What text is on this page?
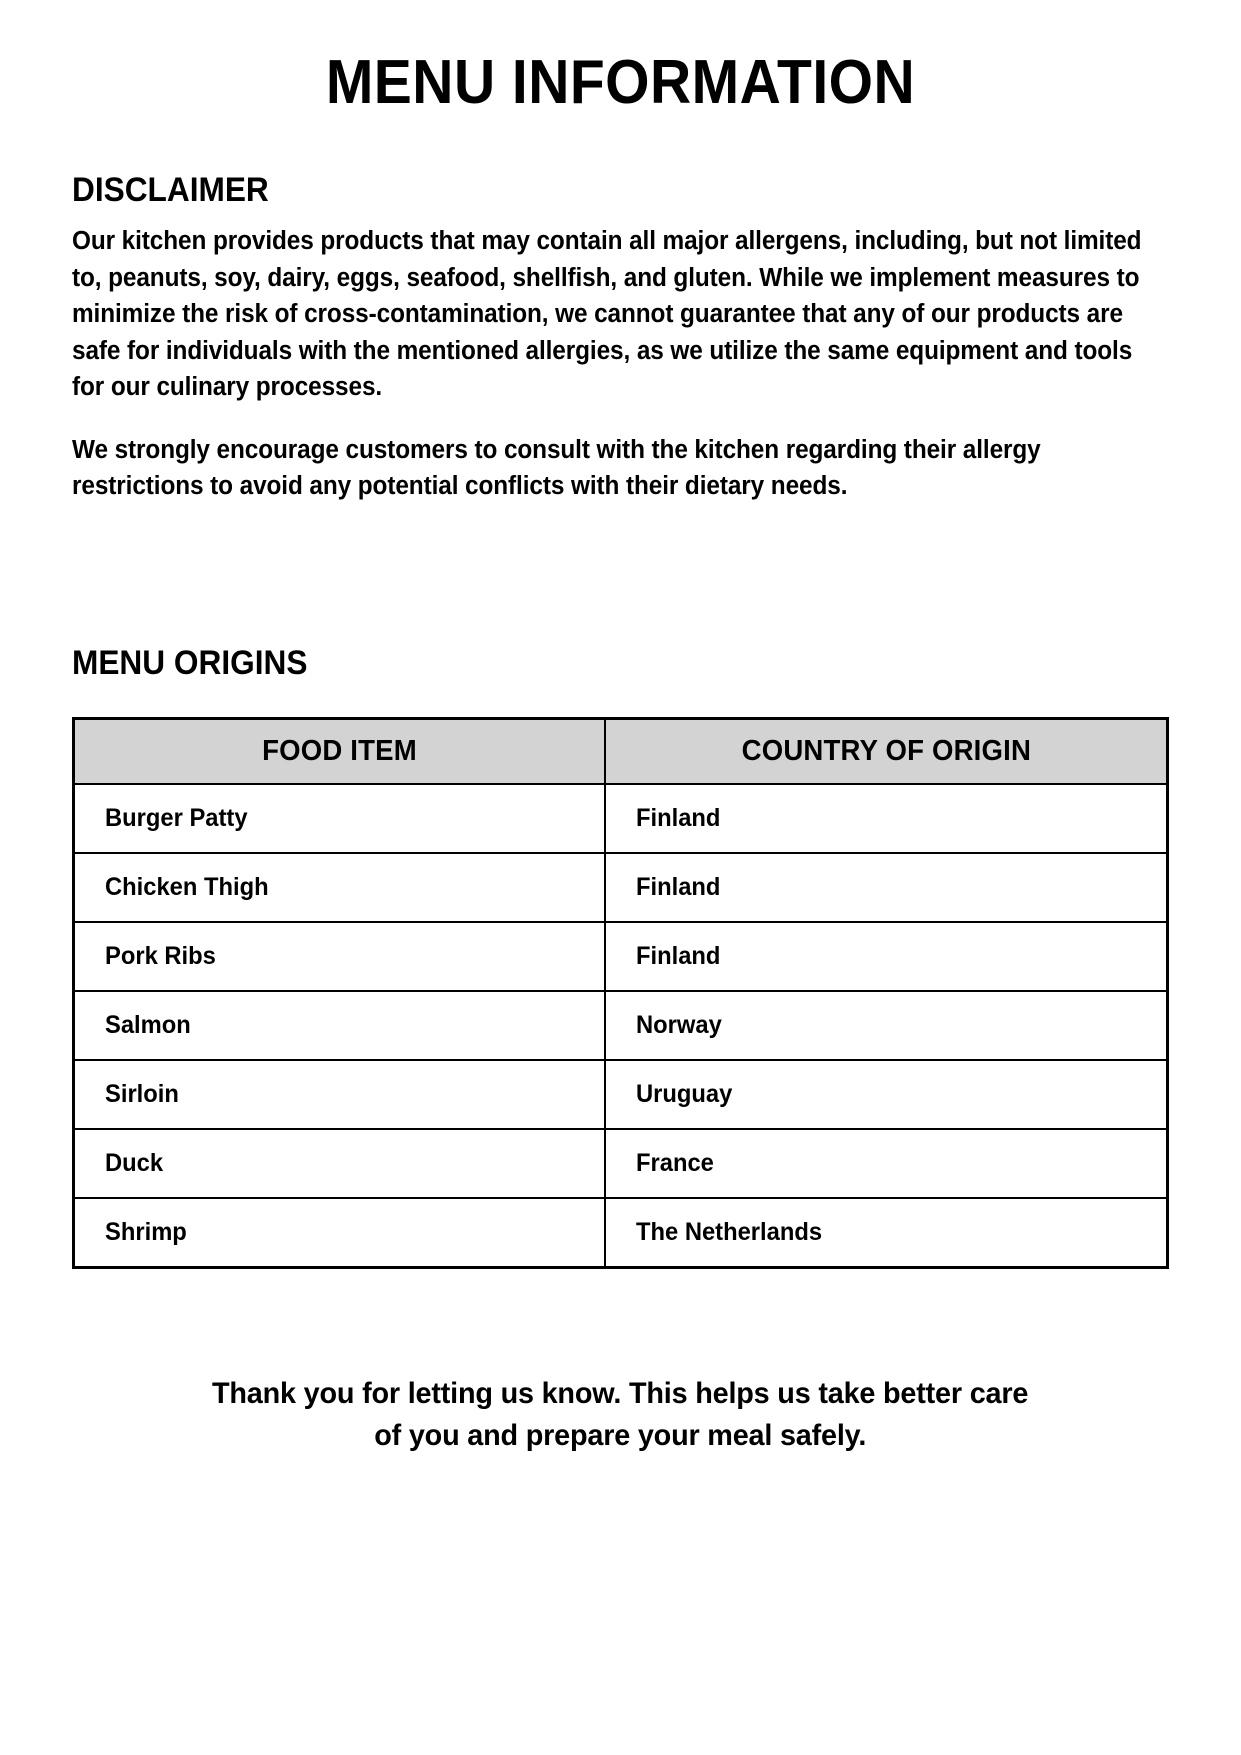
MENU INFORMATION
DISCLAIMER

Our kitchen provides products that may contain all major allergens, including, but not limited to, peanuts, soy, dairy, eggs, seafood, shellfish, and gluten. While we implement measures to minimize the risk of cross-contamination, we cannot guarantee that any of our products are safe for individuals with the mentioned allergies, as we utilize the same equipment and tools for our culinary processes.

We strongly encourage customers to consult with the kitchen regarding their allergy restrictions to avoid any potential conflicts with their dietary needs.

MENU ORIGINS
FOOD ITEM	COUNTRY OF ORIGIN
Burger Patty	Finland
Chicken Thigh	Finland
Pork Ribs	Finland
Salmon	Norway
Sirloin	Uruguay
Duck	France
Shrimp	The Netherlands

Thank you for letting us know. This helps us take better care
of you and prepare your meal safely.
